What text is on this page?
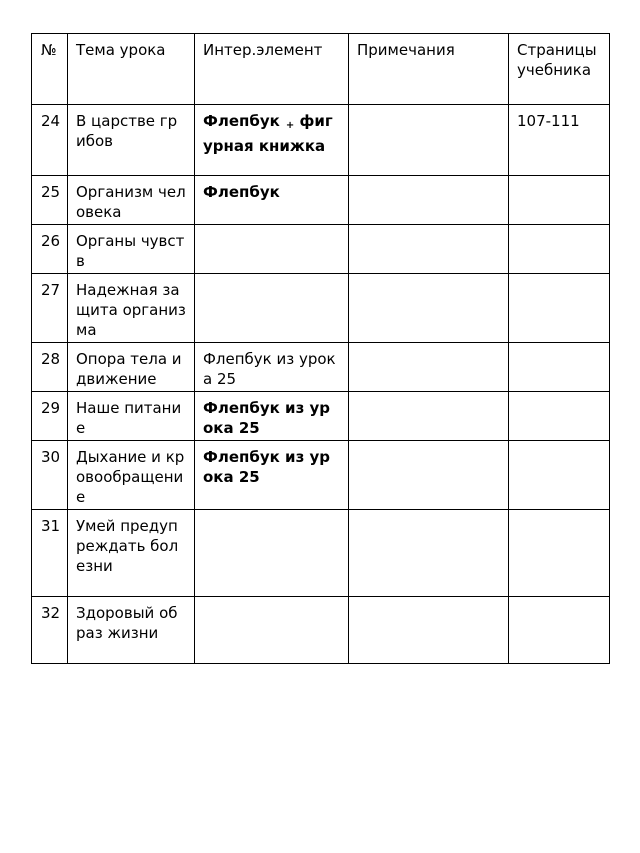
№	Тема урока	Интер.элемент	Примечания	Страницы учебника
24	В царстве грибов	Флепбук + фигурная книжка		107-111
25	Организм человека	Флепбук		
26	Органы чувств			
27	Надежная защита организма			
28	Опора тела и движение	Флепбук из урока 25		
29	Наше питание	Флепбук из урока 25		
30	Дыхание и кровообращение	Флепбук из урока 25		
31	Умей предупреждать болезни			
32	Здоровый образ жизни			
